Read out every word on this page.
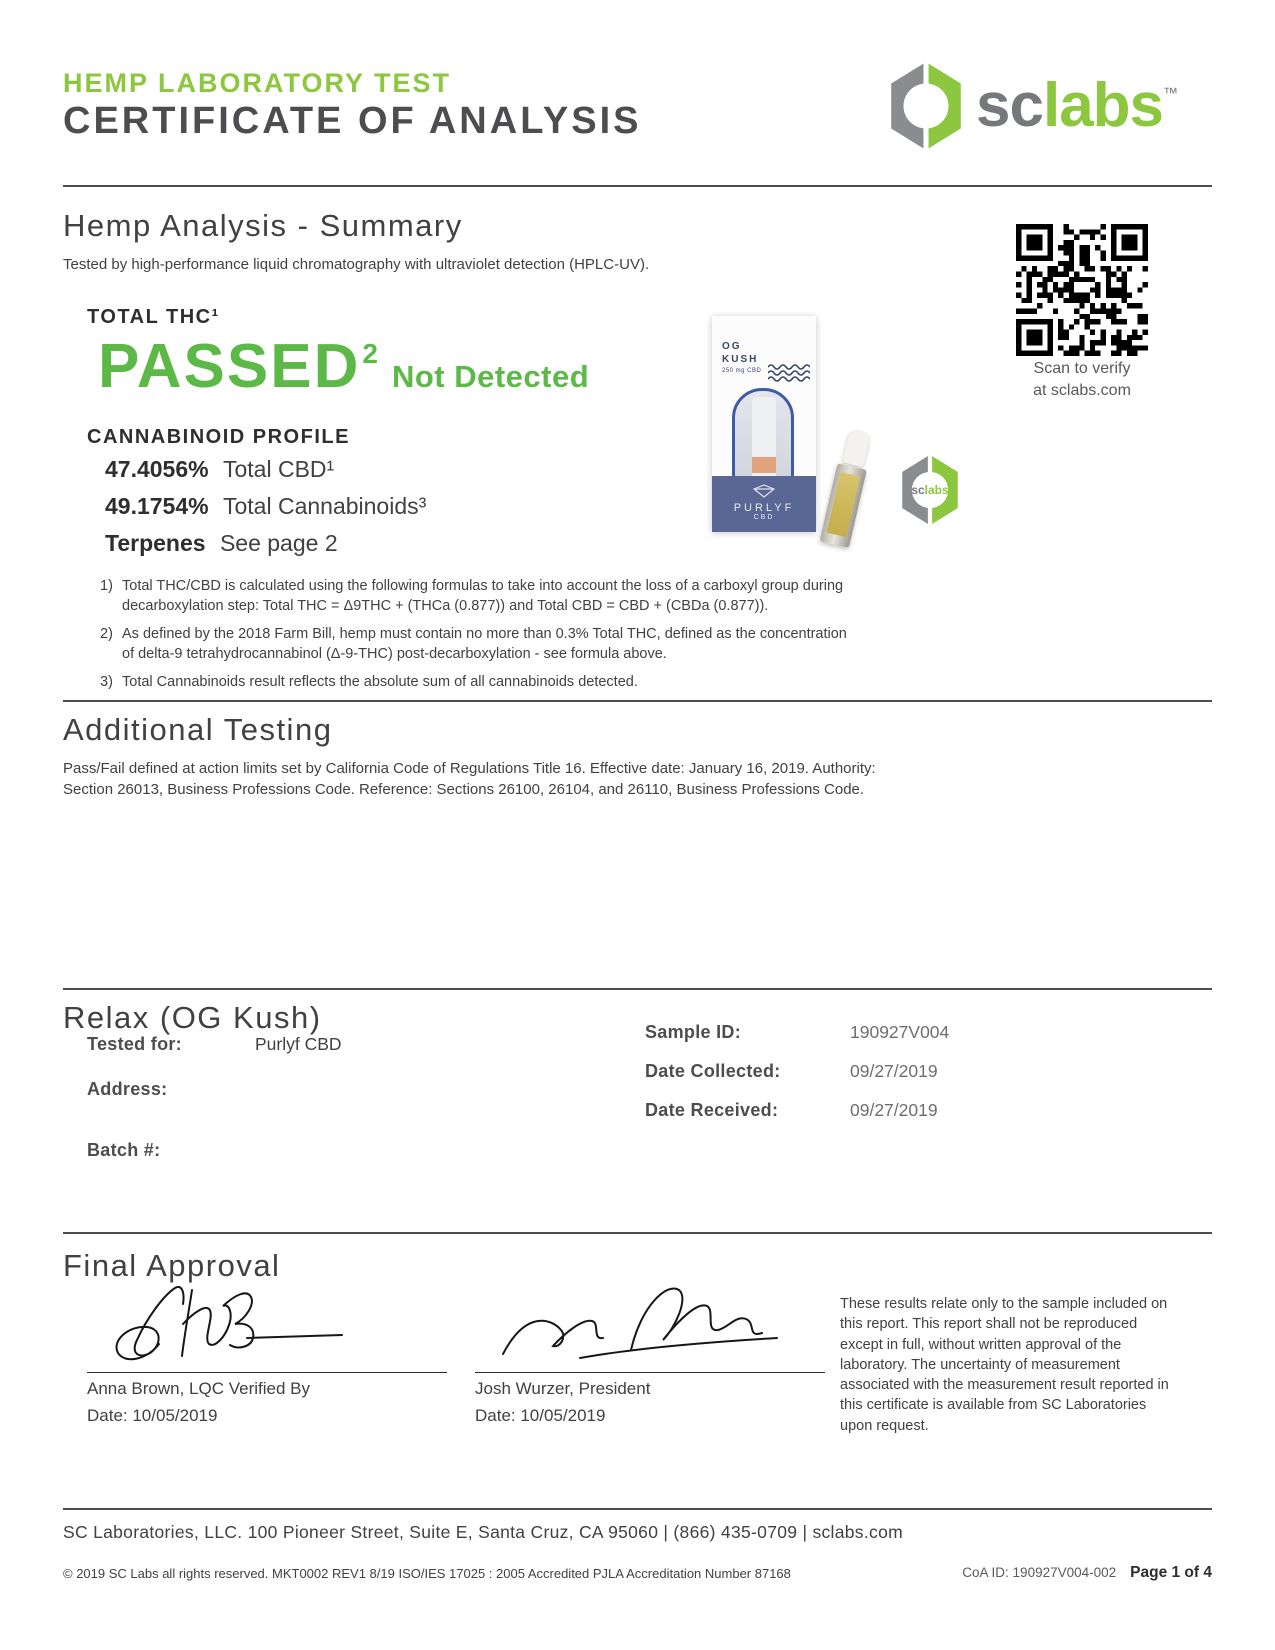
HEMP LABORATORY TEST
CERTIFICATE OF ANALYSIS	sclabs™
Hemp Analysis - Summary
Tested by high-performance liquid chromatography with ultraviolet detection (HPLC-UV).
TOTAL THC¹
PASSED 2
Not Detected
CANNABINOID PROFILE
47.4056% Total CBD¹
49.1754% Total Cannabinoids³
Terpenes See page 2
OG
KUSH
250 mg CBD
PURLYF
CBD
sclabs
Scan to verify
at sclabs.com
1) Total THC/CBD is calculated using the following formulas to take into account the loss of a carboxyl group during decarboxylation step: Total THC = Δ9THC + (THCa (0.877)) and Total CBD = CBD + (CBDa (0.877)).
2) As defined by the 2018 Farm Bill, hemp must contain no more than 0.3% Total THC, defined as the concentration of delta-9 tetrahydrocannabinol (Δ-9-THC) post-decarboxylation - see formula above.
3) Total Cannabinoids result reflects the absolute sum of all cannabinoids detected.
Additional Testing
Pass/Fail defined at action limits set by California Code of Regulations Title 16. Effective date: January 16, 2019. Authority: Section 26013, Business Professions Code. Reference: Sections 26100, 26104, and 26110, Business Professions Code.
Relax (OG Kush)
Tested for:	Purlyf CBD
Address:
Batch #:
Sample ID:	190927V004
Date Collected:	09/27/2019
Date Received:	09/27/2019
Final Approval
Anna Brown, LQC Verified By
Date: 10/05/2019
Josh Wurzer, President
Date: 10/05/2019
These results relate only to the sample included on this report. This report shall not be reproduced except in full, without written approval of the laboratory. The uncertainty of measurement associated with the measurement result reported in this certificate is available from SC Laboratories upon request.
SC Laboratories, LLC. 100 Pioneer Street, Suite E, Santa Cruz, CA 95060 | (866) 435-0709 | sclabs.com
© 2019 SC Labs all rights reserved. MKT0002 REV1 8/19 ISO/IES 17025 : 2005 Accredited PJLA Accreditation Number 87168	CoA ID: 190927V004-002 Page 1 of 4
